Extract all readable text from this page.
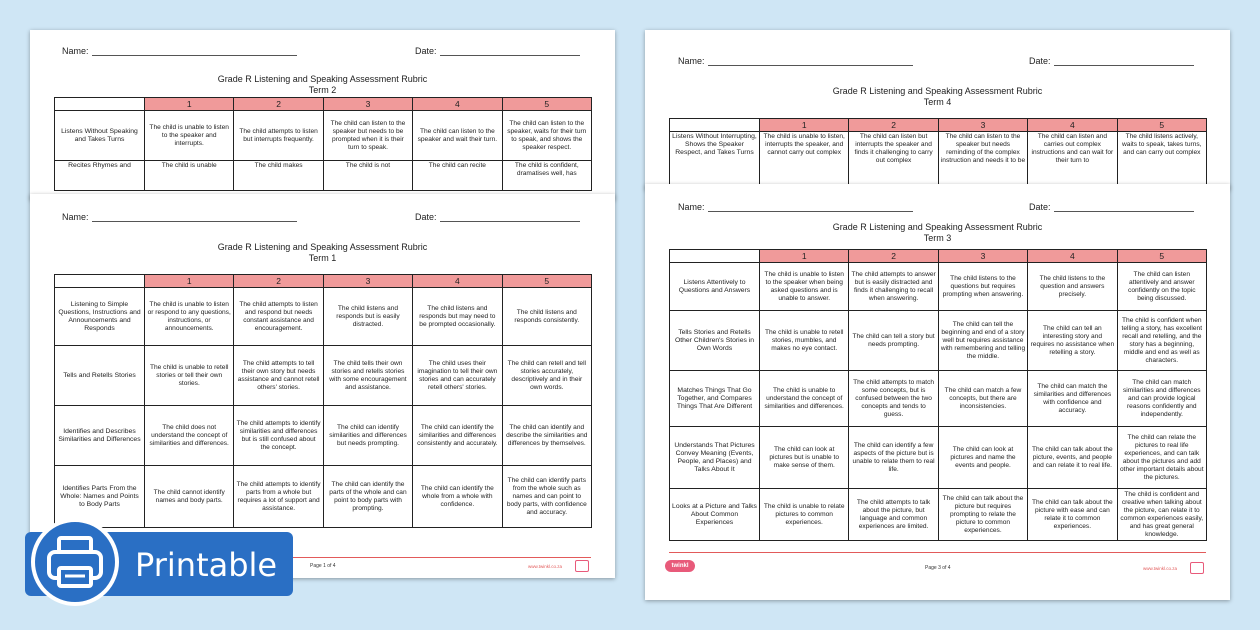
Name:	Date:
Grade R Listening and Speaking Assessment Rubric
Term 2
	1	2	3	4	5
Listens Without Speaking and Takes Turns	The child is unable to listen to the speaker and interrupts.	The child attempts to listen but interrupts frequently.	The child can listen to the speaker but needs to be prompted when it is their turn to speak.	The child can listen to the speaker and wait their turn.	The child can listen to the speaker, waits for their turn to speak, and shows the speaker respect.
Recites Rhymes and	The child is unable	The child makes	The child is not	The child can recite	The child is confident, dramatises well, has
Name:	Date:
Grade R Listening and Speaking Assessment Rubric
Term 1
	1	2	3	4	5
Listening to Simple Questions, Instructions and Announcements and Responds	The child is unable to listen or respond to any questions, instructions, or announcements.	The child attempts to listen and respond but needs constant assistance and encouragement.	The child listens and responds but is easily distracted.	The child listens and responds but may need to be prompted occasionally.	The child listens and responds consistently.
Tells and Retells Stories	The child is unable to retell stories or tell their own stories.	The child attempts to tell their own story but needs assistance and cannot retell others' stories.	The child tells their own stories and retells stories with some encouragement and assistance.	The child uses their imagination to tell their own stories and can accurately retell others' stories.	The child can retell and tell stories accurately, descriptively and in their own words.
Identifies and Describes Similarities and Differences	The child does not understand the concept of similarities and differences.	The child attempts to identify similarities and differences but is still confused about the concept.	The child can identify similarities and differences but needs prompting.	The child can identify the similarities and differences consistently and accurately.	The child can identify and describe the similarities and differences by themselves.
Identifies Parts From the Whole: Names and Points to Body Parts	The child cannot identify names and body parts.	The child attempts to identify parts from a whole but requires a lot of support and assistance.	The child can identify the parts of the whole and can point to body parts with prompting.	The child can identify the whole from a whole with confidence.	The child can identify parts from the whole such as names and can point to body parts, with confidence and accuracy.
Page 1 of 4	www.twinkl.co.za
Name:	Date:
Grade R Listening and Speaking Assessment Rubric
Term 4
	1	2	3	4	5
Listens Without Interrupting, Shows the Speaker Respect, and Takes Turns	The child is unable to listen, interrupts the speaker, and cannot carry out complex	The child can listen but interrupts the speaker and finds it challenging to carry out complex	The child can listen to the speaker but needs reminding of the complex instruction and needs it to be	The child can listen and carries out complex instructions and can wait for their turn to	The child listens actively, waits to speak, takes turns, and can carry out complex
Name:	Date:
Grade R Listening and Speaking Assessment Rubric
Term 3
	1	2	3	4	5
Listens Attentively to Questions and Answers	The child is unable to listen to the speaker when being asked questions and is unable to answer.	The child attempts to answer but is easily distracted and finds it challenging to recall when answering.	The child listens to the questions but requires prompting when answering.	The child listens to the question and answers precisely.	The child can listen attentively and answer confidently on the topic being discussed.
Tells Stories and Retells Other Children's Stories in Own Words	The child is unable to retell stories, mumbles, and makes no eye contact.	The child can tell a story but needs prompting.	The child can tell the beginning and end of a story well but requires assistance with remembering and telling the middle.	The child can tell an interesting story and requires no assistance when retelling a story.	The child is confident when telling a story, has excellent recall and retelling, and the story has a beginning, middle and end as well as characters.
Matches Things That Go Together, and Compares Things That Are Different	The child is unable to understand the concept of similarities and differences.	The child attempts to match some concepts, but is confused between the two concepts and tends to guess.	The child can match a few concepts, but there are inconsistencies.	The child can match the similarities and differences with confidence and accuracy.	The child can match similarities and differences and can provide logical reasons confidently and independently.
Understands That Pictures Convey Meaning (Events, People, and Places) and Talks About It	The child can look at pictures but is unable to make sense of them.	The child can identify a few aspects of the picture but is unable to relate them to real life.	The child can look at pictures and name the events and people.	The child can talk about the picture, events, and people and can relate it to real life.	The child can relate the pictures to real life experiences, and can talk about the pictures and add other important details about the pictures.
Looks at a Picture and Talks About Common Experiences	The child is unable to relate pictures to common experiences.	The child attempts to talk about the picture, but language and common experiences are limited.	The child can talk about the picture but requires prompting to relate the picture to common experiences.	The child can talk about the picture with ease and can relate it to common experiences.	The child is confident and creative when talking about the picture, can relate it to common experiences easily, and has great general knowledge.
twinkl	Page 3 of 4	www.twinkl.co.za
Printable
